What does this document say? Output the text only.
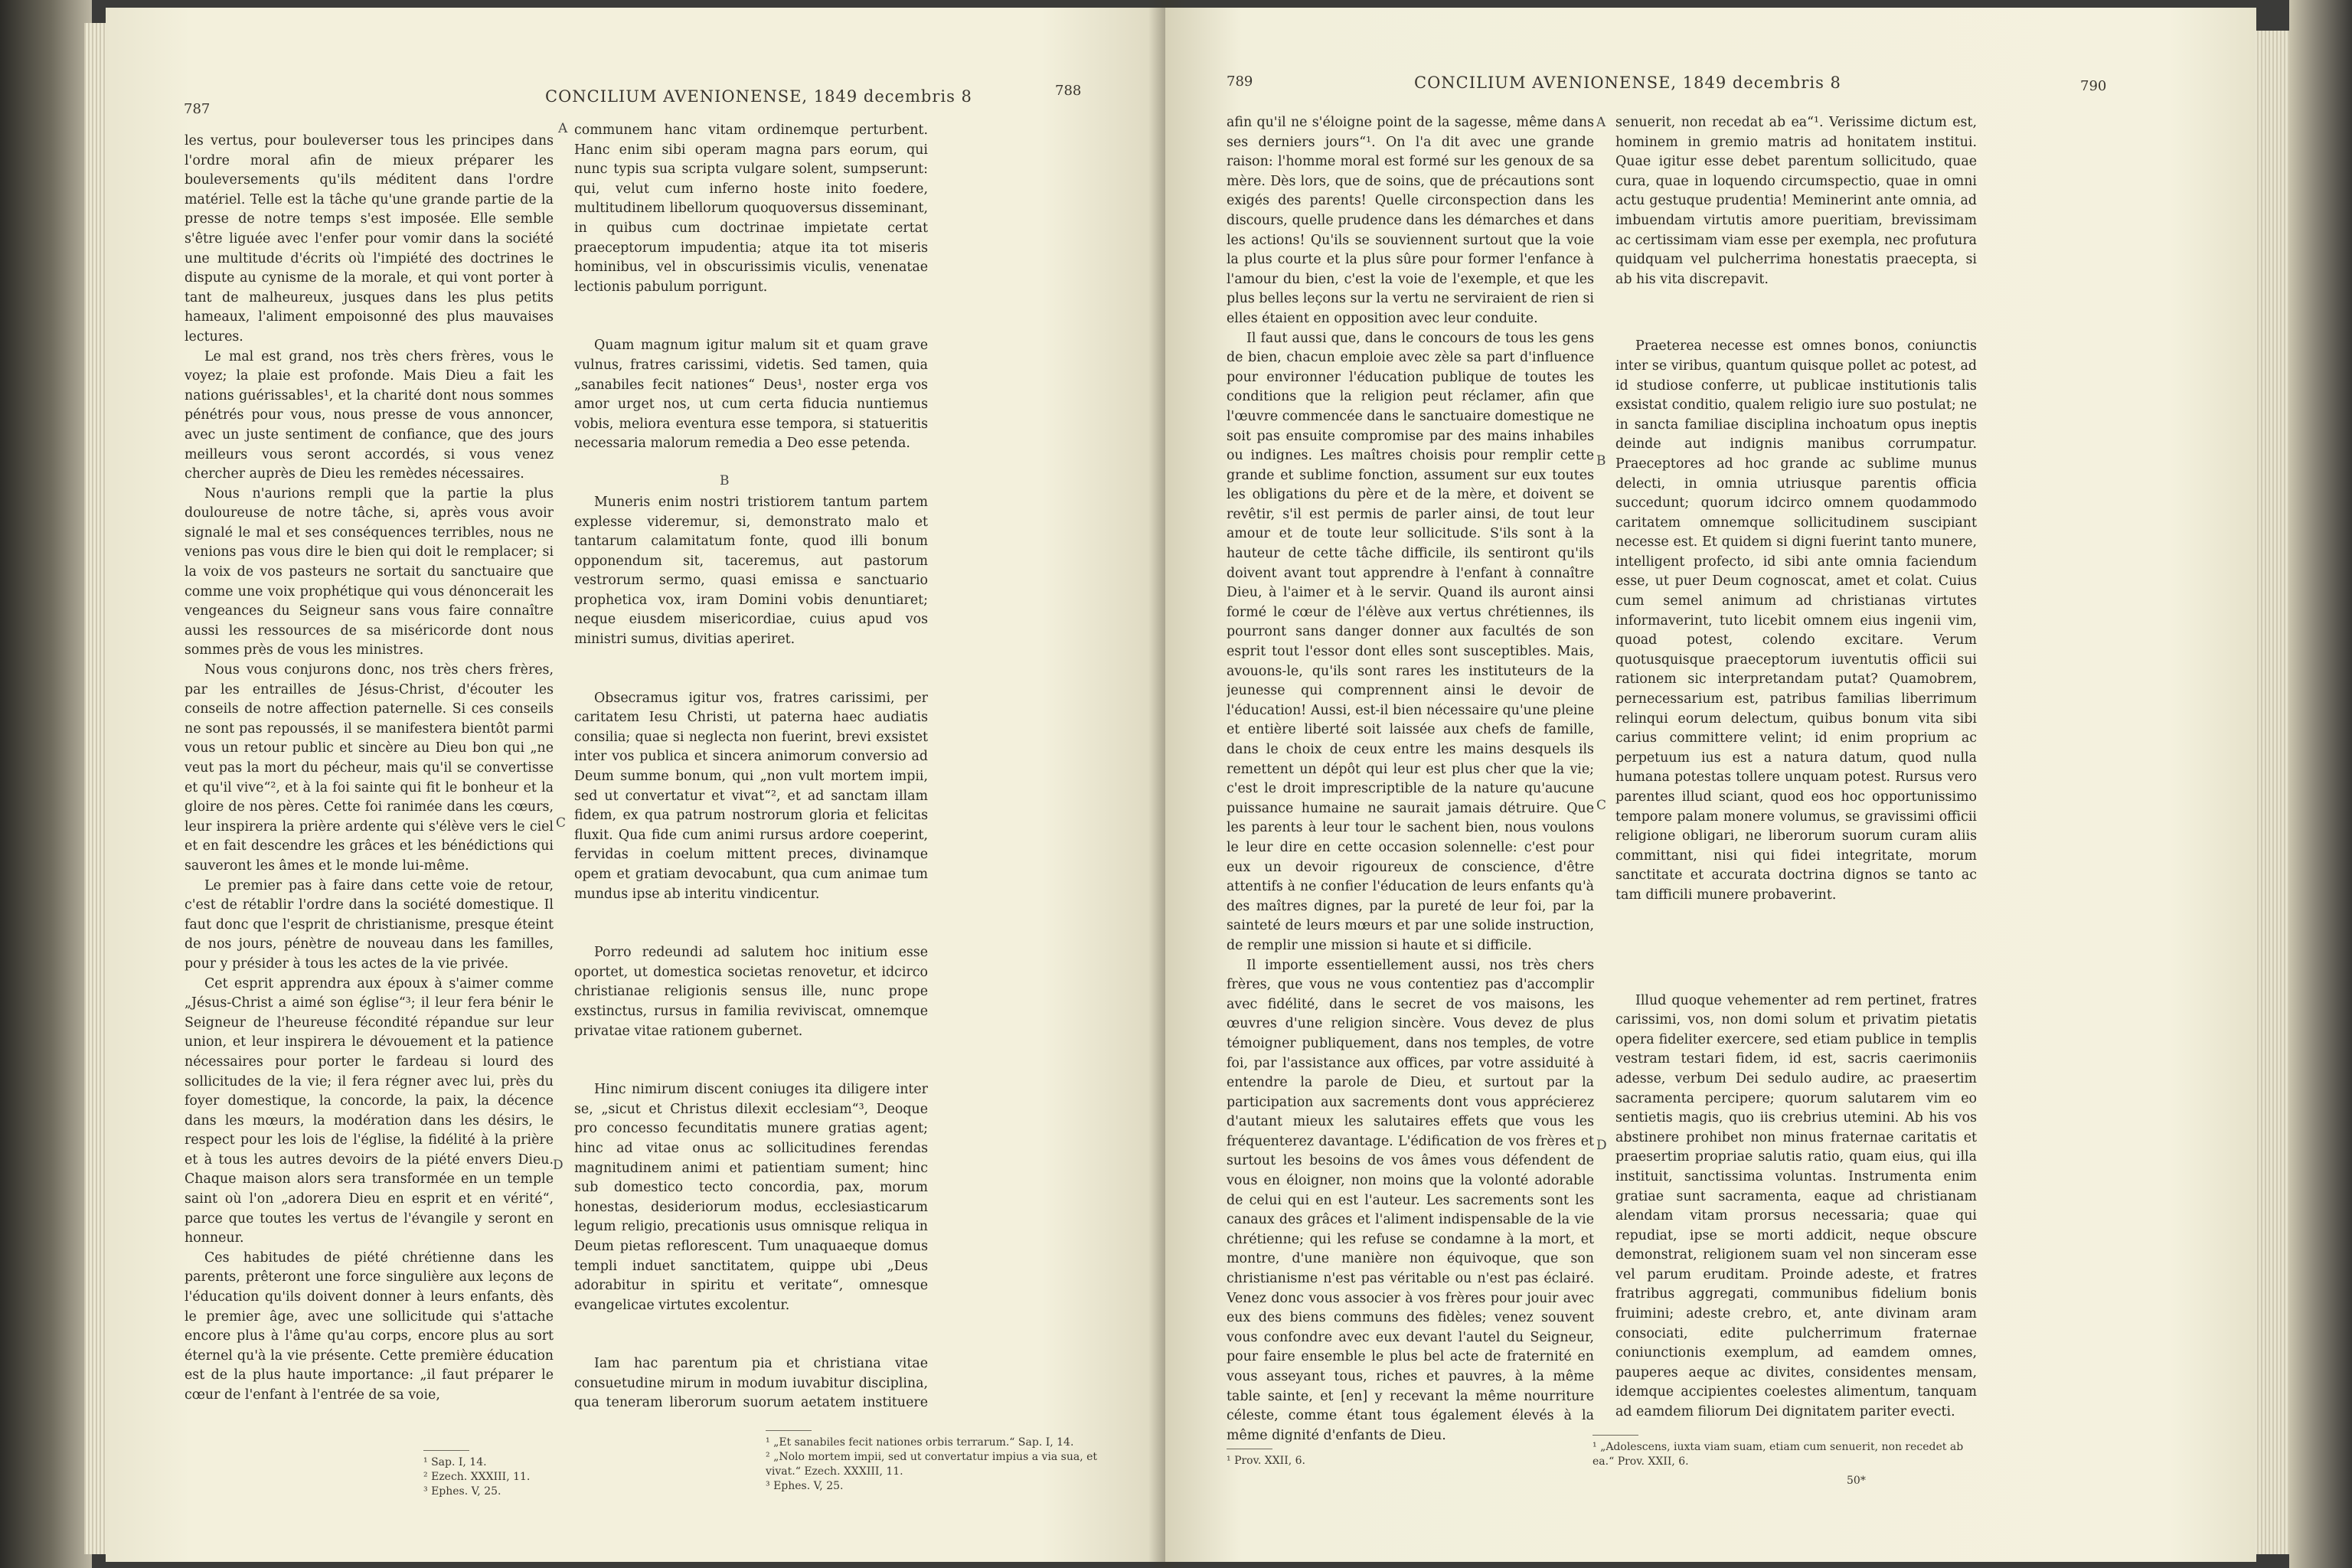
787
CONCILIUM AVENIONENSE, 1849 decembris 8	788

les vertus, pour bouleverser tous les principes dans l'ordre moral afin de mieux préparer les bouleversements qu'ils méditent dans l'ordre matériel. Telle est la tâche qu'une grande partie de la presse de notre temps s'est imposée. Elle semble s'être liguée avec l'enfer pour vomir dans la société une multitude d'écrits où l'impiété des doctrines le dispute au cynisme de la morale, et qui vont porter à tant de malheureux, jusques dans les plus petits hameaux, l'aliment empoisonné des plus mauvaises lectures.

Le mal est grand, nos très chers frères, vous le voyez; la plaie est profonde. Mais Dieu a fait les nations guérissables¹, et la charité dont nous sommes pénétrés pour vous, nous presse de vous annoncer, avec un juste sentiment de confiance, que des jours meilleurs vous seront accordés, si vous venez chercher auprès de Dieu les remèdes nécessaires.

Nous n'aurions rempli que la partie la plus douloureuse de notre tâche, si, après vous avoir signalé le mal et ses conséquences terribles, nous ne venions pas vous dire le bien qui doit le remplacer; si la voix de vos pasteurs ne sortait du sanctuaire que comme une voix prophétique qui vous dénoncerait les vengeances du Seigneur sans vous faire connaître aussi les ressources de sa miséricorde dont nous sommes près de vous les ministres.

Nous vous conjurons donc, nos très chers frères, par les entrailles de Jésus-Christ, d'écouter les conseils de notre affection paternelle. Si ces conseils ne sont pas repoussés, il se manifestera bientôt parmi vous un retour public et sincère au Dieu bon qui „ne veut pas la mort du pécheur, mais qu'il se convertisse et qu'il vive“², et à la foi sainte qui fit le bonheur et la gloire de nos pères. Cette foi ranimée dans les cœurs, leur inspirera la prière ardente qui s'élève vers le ciel et en fait descendre les grâces et les bénédictions qui sauveront les âmes et le monde lui-même.

Le premier pas à faire dans cette voie de retour, c'est de rétablir l'ordre dans la société domestique. Il faut donc que l'esprit de christianisme, presque éteint de nos jours, pénètre de nouveau dans les familles, pour y présider à tous les actes de la vie privée.

Cet esprit apprendra aux époux à s'aimer comme „Jésus-Christ a aimé son église“³; il leur fera bénir le Seigneur de l'heureuse fécondité répandue sur leur union, et leur inspirera le dévouement et la patience nécessaires pour porter le fardeau si lourd des sollicitudes de la vie; il fera régner avec lui, près du foyer domestique, la concorde, la paix, la décence dans les mœurs, la modération dans les désirs, le respect pour les lois de l'église, la fidélité à la prière et à tous les autres devoirs de la piété envers Dieu. Chaque maison alors sera transformée en un temple saint où l'on „adorera Dieu en esprit et en vérité“, parce que toutes les vertus de l'évangile y seront en honneur.

Ces habitudes de piété chrétienne dans les parents, prêteront une force singulière aux leçons de l'éducation qu'ils doivent donner à leurs enfants, dès le premier âge, avec une sollicitude qui s'attache encore plus à l'âme qu'au corps, encore plus au sort éternel qu'à la vie présente. Cette première éducation est de la plus haute importance: „il faut préparer le cœur de l'enfant à l'entrée de sa voie,

communem hanc vitam ordinemque perturbent. Hanc enim sibi operam magna pars eorum, qui nunc typis sua scripta vulgare solent, sumpserunt: qui, velut cum inferno hoste inito foedere, multitudinem libellorum quoquoversus disseminant, in quibus cum doctrinae impietate certat praeceptorum impudentia; atque ita tot miseris hominibus, vel in obscurissimis viculis, venenatae lectionis pabulum porrigunt.

Quam magnum igitur malum sit et quam grave vulnus, fratres carissimi, videtis. Sed tamen, quia „sanabiles fecit nationes“ Deus¹, noster erga vos amor urget nos, ut cum certa fiducia nuntiemus vobis, meliora eventura esse tempora, si statueritis necessaria malorum remedia a Deo esse petenda.

Muneris enim nostri tristiorem tantum partem explesse videremur, si, demonstrato malo et tantarum calamitatum fonte, quod illi bonum opponendum sit, taceremus, aut pastorum vestrorum sermo, quasi emissa e sanctuario prophetica vox, iram Domini vobis denuntiaret; neque eiusdem misericordiae, cuius apud vos ministri sumus, divitias aperiret.

Obsecramus igitur vos, fratres carissimi, per caritatem Iesu Christi, ut paterna haec audiatis consilia; quae si neglecta non fuerint, brevi exsistet inter vos publica et sincera animorum conversio ad Deum summe bonum, qui „non vult mortem impii, sed ut convertatur et vivat“², et ad sanctam illam fidem, ex qua patrum nostrorum gloria et felicitas fluxit. Qua fide cum animi rursus ardore coeperint, fervidas in coelum mittent preces, divinamque opem et gratiam devocabunt, qua cum animae tum mundus ipse ab interitu vindicentur.

Porro redeundi ad salutem hoc initium esse oportet, ut domestica societas renovetur, et idcirco christianae religionis sensus ille, nunc prope exstinctus, rursus in familia reviviscat, omnemque privatae vitae rationem gubernet.

Hinc nimirum discent coniuges ita diligere inter se, „sicut et Christus dilexit ecclesiam“³, Deoque pro concesso fecunditatis munere gratias agent; hinc ad vitae onus ac sollicitudines ferendas magnitudinem animi et patientiam sument; hinc sub domestico tecto concordia, pax, morum honestas, desideriorum modus, ecclesiasticarum legum religio, precationis usus omnisque reliqua in Deum pietas reflorescent. Tum unaquaeque domus templi induet sanctitatem, quippe ubi „Deus adorabitur in spiritu et veritate“, omnesque evangelicae virtutes excolentur.

Iam hac parentum pia et christiana vitae consuetudine mirum in modum iuvabitur disciplina, qua teneram liberorum suorum aetatem instituere

A
B
C
D
¹ Sap. I, 14.
² Ezech. XXXIII, 11.
³ Ephes. V, 25.
¹ „Et sanabiles fecit nationes orbis terrarum.“ Sap. I, 14.
² „Nolo mortem impii, sed ut convertatur impius a via sua, et vivat.“ Ezech. XXXIII, 11.
³ Ephes. V, 25.
789	CONCILIUM AVENIONENSE, 1849 decembris 8	790

afin qu'il ne s'éloigne point de la sagesse, même dans ses derniers jours“¹. On l'a dit avec une grande raison: l'homme moral est formé sur les genoux de sa mère. Dès lors, que de soins, que de précautions sont exigés des parents! Quelle circonspection dans les discours, quelle prudence dans les démarches et dans les actions! Qu'ils se souviennent surtout que la voie la plus courte et la plus sûre pour former l'enfance à l'amour du bien, c'est la voie de l'exemple, et que les plus belles leçons sur la vertu ne serviraient de rien si elles étaient en opposition avec leur conduite.

Il faut aussi que, dans le concours de tous les gens de bien, chacun emploie avec zèle sa part d'influence pour environner l'éducation publique de toutes les conditions que la religion peut réclamer, afin que l'œuvre commencée dans le sanctuaire domestique ne soit pas ensuite compromise par des mains inhabiles ou indignes. Les maîtres choisis pour remplir cette grande et sublime fonction, assument sur eux toutes les obligations du père et de la mère, et doivent se revêtir, s'il est permis de parler ainsi, de tout leur amour et de toute leur sollicitude. S'ils sont à la hauteur de cette tâche difficile, ils sentiront qu'ils doivent avant tout apprendre à l'enfant à connaître Dieu, à l'aimer et à le servir. Quand ils auront ainsi formé le cœur de l'élève aux vertus chrétiennes, ils pourront sans danger donner aux facultés de son esprit tout l'essor dont elles sont susceptibles. Mais, avouons-le, qu'ils sont rares les instituteurs de la jeunesse qui comprennent ainsi le devoir de l'éducation! Aussi, est-il bien nécessaire qu'une pleine et entière liberté soit laissée aux chefs de famille, dans le choix de ceux entre les mains desquels ils remettent un dépôt qui leur est plus cher que la vie; c'est le droit imprescriptible de la nature qu'aucune puissance humaine ne saurait jamais détruire. Que les parents à leur tour le sachent bien, nous voulons le leur dire en cette occasion solennelle: c'est pour eux un devoir rigoureux de conscience, d'être attentifs à ne confier l'éducation de leurs enfants qu'à des maîtres dignes, par la pureté de leur foi, par la sainteté de leurs mœurs et par une solide instruction, de remplir une mission si haute et si difficile.

Il importe essentiellement aussi, nos très chers frères, que vous ne vous contentiez pas d'accomplir avec fidélité, dans le secret de vos maisons, les œuvres d'une religion sincère. Vous devez de plus témoigner publiquement, dans nos temples, de votre foi, par l'assistance aux offices, par votre assiduité à entendre la parole de Dieu, et surtout par la participation aux sacrements dont vous apprécierez d'autant mieux les salutaires effets que vous les fréquenterez davantage. L'édification de vos frères et surtout les besoins de vos âmes vous défendent de vous en éloigner, non moins que la volonté adorable de celui qui en est l'auteur. Les sacrements sont les canaux des grâces et l'aliment indispensable de la vie chrétienne; qui les refuse se condamne à la mort, et montre, d'une manière non équivoque, que son christianisme n'est pas véritable ou n'est pas éclairé. Venez donc vous associer à vos frères pour jouir avec eux des biens communs des fidèles; venez souvent vous confondre avec eux devant l'autel du Seigneur, pour faire ensemble le plus bel acte de fraternité en vous asseyant tous, riches et pauvres, à la même table sainte, et [en] y recevant la même nourriture céleste, comme étant tous également élevés à la même dignité d'enfants de Dieu.

senuerit, non recedat ab ea“¹. Verissime dictum est, hominem in gremio matris ad honitatem institui. Quae igitur esse debet parentum sollicitudo, quae cura, quae in loquendo circumspectio, quae in omni actu gestuque prudentia! Meminerint ante omnia, ad imbuendam virtutis amore pueritiam, brevissimam ac certissimam viam esse per exempla, nec profutura quidquam vel pulcherrima honestatis praecepta, si ab his vita discrepavit.

Praeterea necesse est omnes bonos, coniunctis inter se viribus, quantum quisque pollet ac potest, ad id studiose conferre, ut publicae institutionis talis exsistat conditio, qualem religio iure suo postulat; ne in sancta familiae disciplina inchoatum opus ineptis deinde aut indignis manibus corrumpatur. Praeceptores ad hoc grande ac sublime munus delecti, in omnia utriusque parentis officia succedunt; quorum idcirco omnem quodammodo caritatem omnemque sollicitudinem suscipiant necesse est. Et quidem si digni fuerint tanto munere, intelligent profecto, id sibi ante omnia faciendum esse, ut puer Deum cognoscat, amet et colat. Cuius cum semel animum ad christianas virtutes informaverint, tuto licebit omnem eius ingenii vim, quoad potest, colendo excitare. Verum quotusquisque praeceptorum iuventutis officii sui rationem sic interpretandam putat? Quamobrem, pernecessarium est, patribus familias liberrimum relinqui eorum delectum, quibus bonum vita sibi carius committere velint; id enim proprium ac perpetuum ius est a natura datum, quod nulla humana potestas tollere unquam potest. Rursus vero parentes illud sciant, quod eos hoc opportunissimo tempore palam monere volumus, se gravissimi officii religione obligari, ne liberorum suorum curam aliis committant, nisi qui fidei integritate, morum sanctitate et accurata doctrina dignos se tanto ac tam difficili munere probaverint.

Illud quoque vehementer ad rem pertinet, fratres carissimi, vos, non domi solum et privatim pietatis opera fideliter exercere, sed etiam publice in templis vestram testari fidem, id est, sacris caerimoniis adesse, verbum Dei sedulo audire, ac praesertim sacramenta percipere; quorum salutarem vim eo sentietis magis, quo iis crebrius utemini. Ab his vos abstinere prohibet non minus fraternae caritatis et praesertim propriae salutis ratio, quam eius, qui illa instituit, sanctissima voluntas. Instrumenta enim gratiae sunt sacramenta, eaque ad christianam alendam vitam prorsus necessaria; quae qui repudiat, ipse se morti addicit, neque obscure demonstrat, religionem suam vel non sinceram esse vel parum eruditam. Proinde adeste, et fratres fratribus aggregati, communibus fidelium bonis fruimini; adeste crebro, et, ante divinam aram consociati, edite pulcherrimum fraternae coniunctionis exemplum, ad eamdem omnes, pauperes aeque ac divites, considentes mensam, idemque accipientes coelestes alimentum, tanquam ad eamdem filiorum Dei dignitatem pariter evecti.

A
B
C
D
¹ Prov. XXII, 6.
¹ „Adolescens, iuxta viam suam, etiam cum senuerit, non recedet ab ea.“ Prov. XXII, 6.
50*
